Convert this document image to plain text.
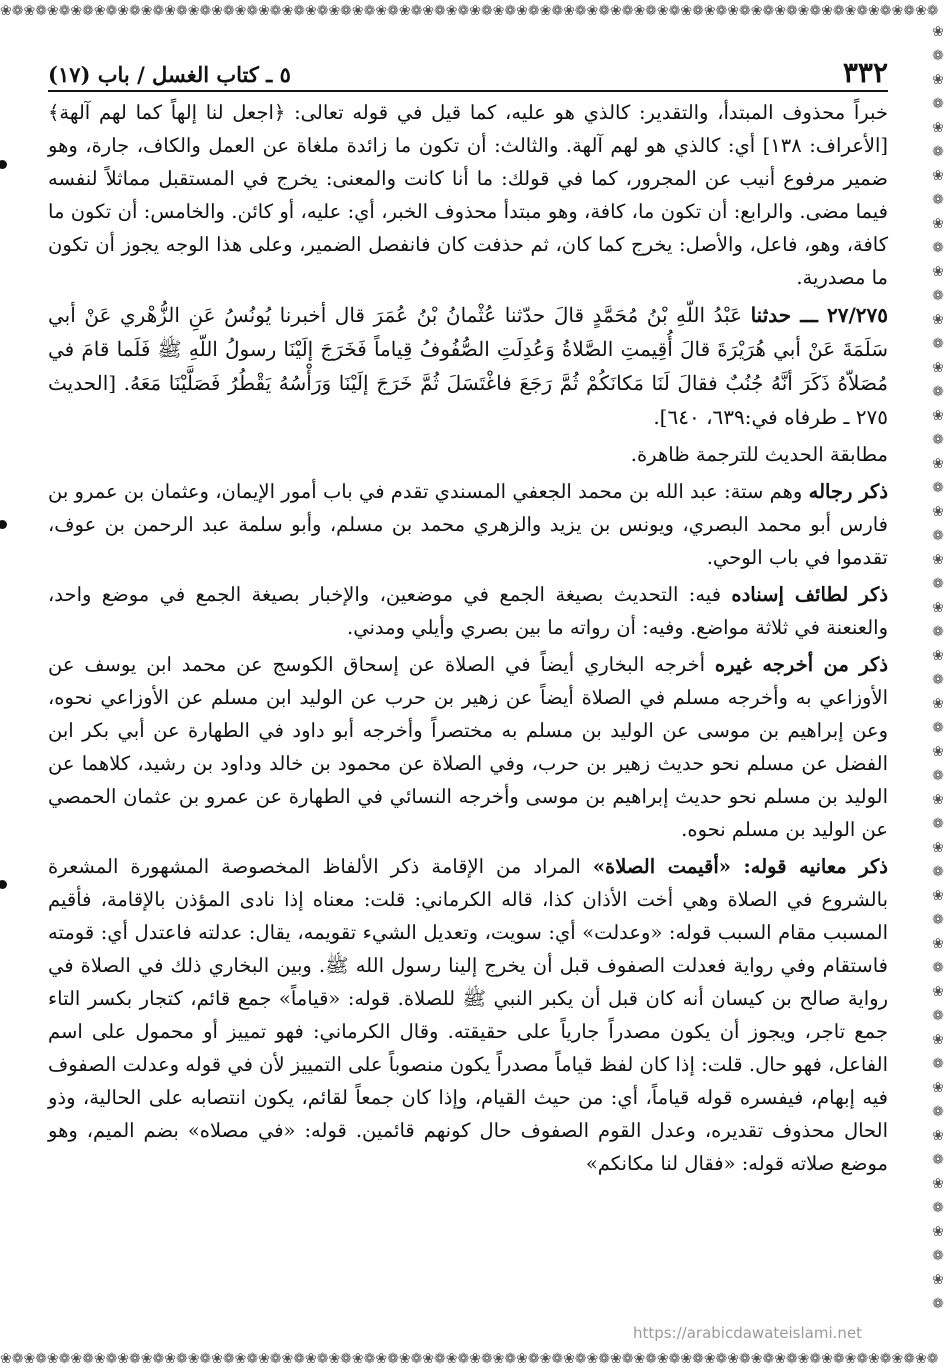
❀❁❀❁❀❁❀❁❀❁❀❁❀❁❀❁❀❁❀❁❀❁❀❁❀❁❀❁❀❁❀❁❀❁❀❁❀❁❀❁❀❁❀❁❀❁❀❁❀❁❀❁❀❁❀❁❀❁❀❁❀❁❀❁❀❁❀❁❀❁❀❁❀❁❀❁❀❁❀❁
❀
❁
❀
❁
❀
❁
❀
❁
❀
❁
❀
❁
❀
❁
❀
❁
❀
❁
❀
❁
❀
❁
❀
❁
❀
❁
❀
❁
❀
❁
❀
❁
❀
❁
❀
❁
❀
❁
❀
❁
❀
❁
❀
❁
❀
❁
❀
❁
❀
❁
❀
❁
❀
❁
❀❁❀❁❀❁❀❁❀❁❀❁❀❁❀❁❀❁❀❁❀❁❀❁❀❁❀❁❀❁❀❁❀❁❀❁❀❁❀❁❀❁❀❁❀❁❀❁❀❁❀❁❀❁❀❁❀❁❀❁❀❁❀❁❀❁❀❁❀❁❀❁❀❁❀❁❀❁❀❁
٣٣٢
٥ ـ كتاب الغسل / باب (١٧)

خبراً محذوف المبتدأ، والتقدير: كالذي هو عليه، كما قيل في قوله تعالى: ﴿اجعل لنا إلهاً كما لهم آلهة﴾ [الأعراف: ١٣٨] أي: كالذي هو لهم آلهة. والثالث: أن تكون ما زائدة ملغاة عن العمل والكاف، جارة، وهو ضمير مرفوع أنيب عن المجرور، كما في قولك: ما أنا كانت والمعنى: يخرج في المستقبل مماثلاً لنفسه فيما مضى. والرابع: أن تكون ما، كافة، وهو مبتدأ محذوف الخبر، أي: عليه، أو كائن. والخامس: أن تكون ما كافة، وهو، فاعل، والأصل: يخرج كما كان، ثم حذفت كان فانفصل الضمير، وعلى هذا الوجه يجوز أن تكون ما مصدرية.

٢٧/٢٧٥ ـــ حدثنا عَبْدُ اللّهِ بْنُ مُحَمَّدٍ قالَ حدّثنا عُثْمانُ بْنُ عُمَرَ قال أخبرنا يُونُسُ عَنِ الزُّهْري عَنْ أبي سَلَمَةَ عَنْ أبي هُرَيْرَةَ قالَ أُقِيمتِ الصَّلاةُ وَعُدِلَتِ الصُّفُوفُ قِياماً فَخَرَجَ إلَيْنَا رسولُ اللّهِ ﷺ فَلَما قامَ في مُصَلاّهُ ذَكَرَ أنَّهُ جُنُبٌ فقالَ لَنَا مَكانَكُمْ ثُمَّ رَجَعَ فاغْتَسَلَ ثُمَّ خَرَجَ إلَيْنَا وَرَأْسُهُ يَقْطُرُ فَصَلَّيْنَا مَعَهُ. [الحديث ٢٧٥ ـ طرفاه في:٦٣٩، ٦٤٠].

مطابقة الحديث للترجمة ظاهرة.

ذكر رجاله وهم ستة: عبد الله بن محمد الجعفي المسندي تقدم في باب أمور الإيمان، وعثمان بن عمرو بن فارس أبو محمد البصري، ويونس بن يزيد والزهري محمد بن مسلم، وأبو سلمة عبد الرحمن بن عوف، تقدموا في باب الوحي.

ذكر لطائف إسناده فيه: التحديث بصيغة الجمع في موضعين، والإخبار بصيغة الجمع في موضع واحد، والعنعنة في ثلاثة مواضع. وفيه: أن رواته ما بين بصري وأيلي ومدني.

ذكر من أخرجه غيره أخرجه البخاري أيضاً في الصلاة عن إسحاق الكوسج عن محمد ابن يوسف عن الأوزاعي به وأخرجه مسلم في الصلاة أيضاً عن زهير بن حرب عن الوليد ابن مسلم عن الأوزاعي نحوه، وعن إبراهيم بن موسى عن الوليد بن مسلم به مختصراً وأخرجه أبو داود في الطهارة عن أبي بكر ابن الفضل عن مسلم نحو حديث زهير بن حرب، وفي الصلاة عن محمود بن خالد وداود بن رشيد، كلاهما عن الوليد بن مسلم نحو حديث إبراهيم بن موسى وأخرجه النسائي في الطهارة عن عمرو بن عثمان الحمصي عن الوليد بن مسلم نحوه.

ذكر معانيه قوله: «أقيمت الصلاة» المراد من الإقامة ذكر الألفاظ المخصوصة المشهورة المشعرة بالشروع في الصلاة وهي أخت الأذان كذا، قاله الكرماني: قلت: معناه إذا نادى المؤذن بالإقامة، فأقيم المسبب مقام السبب قوله: «وعدلت» أي: سويت، وتعديل الشيء تقويمه، يقال: عدلته فاعتدل أي: قومته فاستقام وفي رواية فعدلت الصفوف قبل أن يخرج إلينا رسول الله ﷺ. وبين البخاري ذلك في الصلاة في رواية صالح بن كيسان أنه كان قبل أن يكبر النبي ﷺ للصلاة. قوله: «قياماً» جمع قائم، كتجار بكسر التاء جمع تاجر، ويجوز أن يكون مصدراً جارياً على حقيقته. وقال الكرماني: فهو تمييز أو محمول على اسم الفاعل، فهو حال. قلت: إذا كان لفظ قياماً مصدراً يكون منصوباً على التمييز لأن في قوله وعدلت الصفوف فيه إبهام، فيفسره قوله قياماً، أي: من حيث القيام، وإذا كان جمعاً لقائم، يكون انتصابه على الحالية، وذو الحال محذوف تقديره، وعدل القوم الصفوف حال كونهم قائمين. قوله: «في مصلاه» بضم الميم، وهو موضع صلاته قوله: «فقال لنا مكانكم»

https://arabicdawateislami.net
